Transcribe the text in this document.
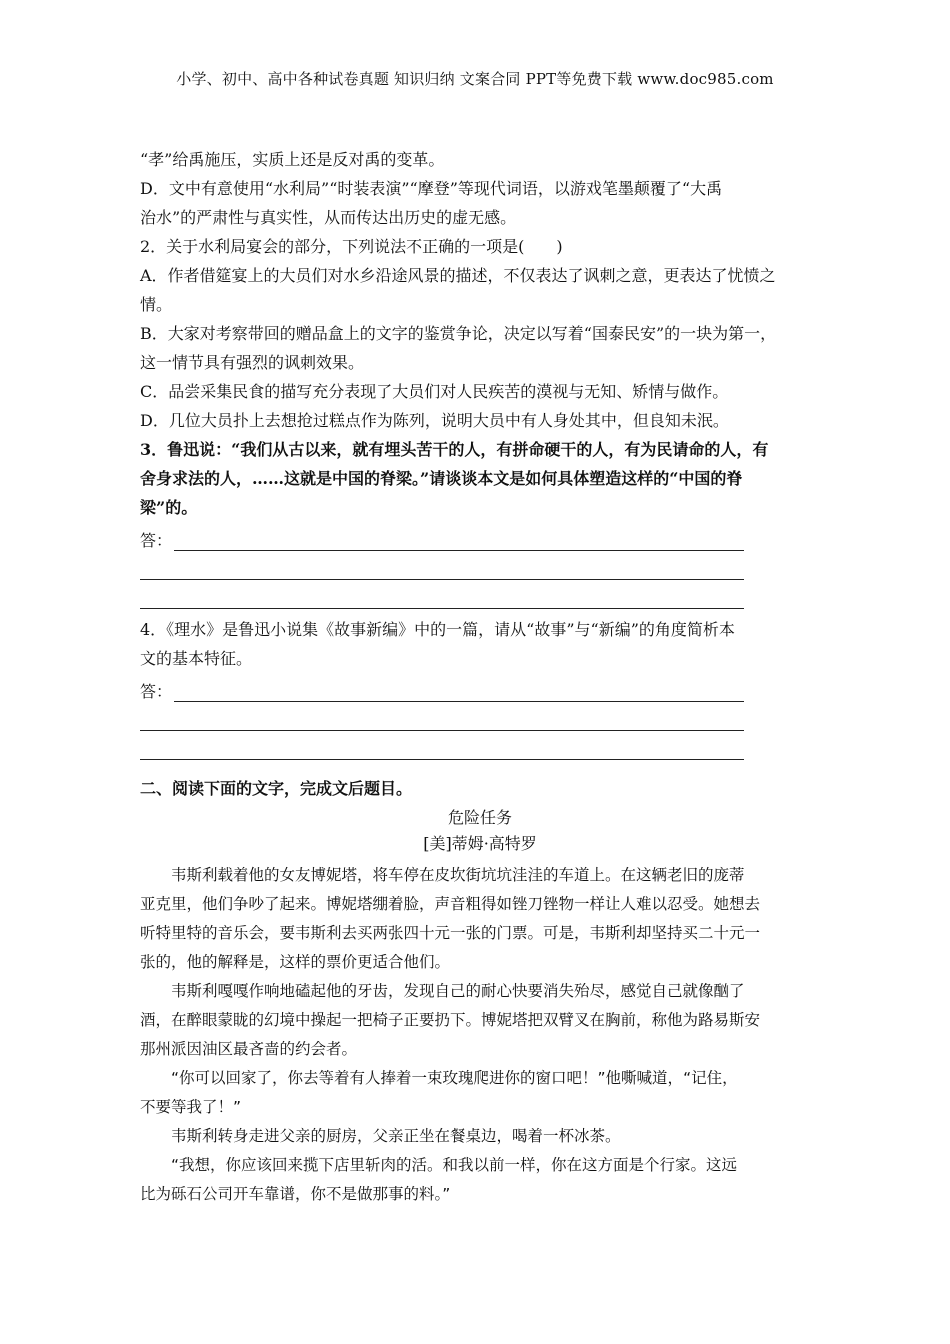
小学、初中、高中各种试卷真题 知识归纳 文案合同 PPT等免费下载 www.doc985.com

“孝”给禹施压，实质上还是反对禹的变革。

D．文中有意使用“水利局”“时装表演”“摩登”等现代词语，以游戏笔墨颠覆了“大禹

治水”的严肃性与真实性，从而传达出历史的虚无感。

2．关于水利局宴会的部分，下列说法不正确的一项是(　　)

A．作者借筵宴上的大员们对水乡沿途风景的描述，不仅表达了讽刺之意，更表达了忧愤之

情。

B．大家对考察带回的赠品盒上的文字的鉴赏争论，决定以写着“国泰民安”的一块为第一，

这一情节具有强烈的讽刺效果。

C．品尝采集民食的描写充分表现了大员们对人民疾苦的漠视与无知、矫情与做作。

D．几位大员扑上去想抢过糕点作为陈列，说明大员中有人身处其中，但良知未泯。

3．鲁迅说：“我们从古以来，就有埋头苦干的人，有拼命硬干的人，有为民请命的人，有

舍身求法的人，……这就是中国的脊梁。”请谈谈本文是如何具体塑造这样的“中国的脊

梁”的。

答：

4．《理水》是鲁迅小说集《故事新编》中的一篇，请从“故事”与“新编”的角度简析本

文的基本特征。

答：

二、阅读下面的文字，完成文后题目。

危险任务

[美]蒂姆·高特罗

韦斯利载着他的女友博妮塔，将车停在皮坎街坑坑洼洼的车道上。在这辆老旧的庞蒂

亚克里，他们争吵了起来。博妮塔绷着脸，声音粗得如锉刀锉物一样让人难以忍受。她想去

听特里特的音乐会，要韦斯利去买两张四十元一张的门票。可是，韦斯利却坚持买二十元一

张的，他的解释是，这样的票价更适合他们。

韦斯利嘎嘎作响地磕起他的牙齿，发现自己的耐心快要消失殆尽，感觉自己就像酗了

酒，在醉眼蒙眬的幻境中操起一把椅子正要扔下。博妮塔把双臂叉在胸前，称他为路易斯安

那州派因油区最吝啬的约会者。

“你可以回家了，你去等着有人捧着一束玫瑰爬进你的窗口吧！”他嘶喊道，“记住，

不要等我了！”

韦斯利转身走进父亲的厨房，父亲正坐在餐桌边，喝着一杯冰茶。

“我想，你应该回来揽下店里斩肉的活。和我以前一样，你在这方面是个行家。这远

比为砾石公司开车靠谱，你不是做那事的料。”
